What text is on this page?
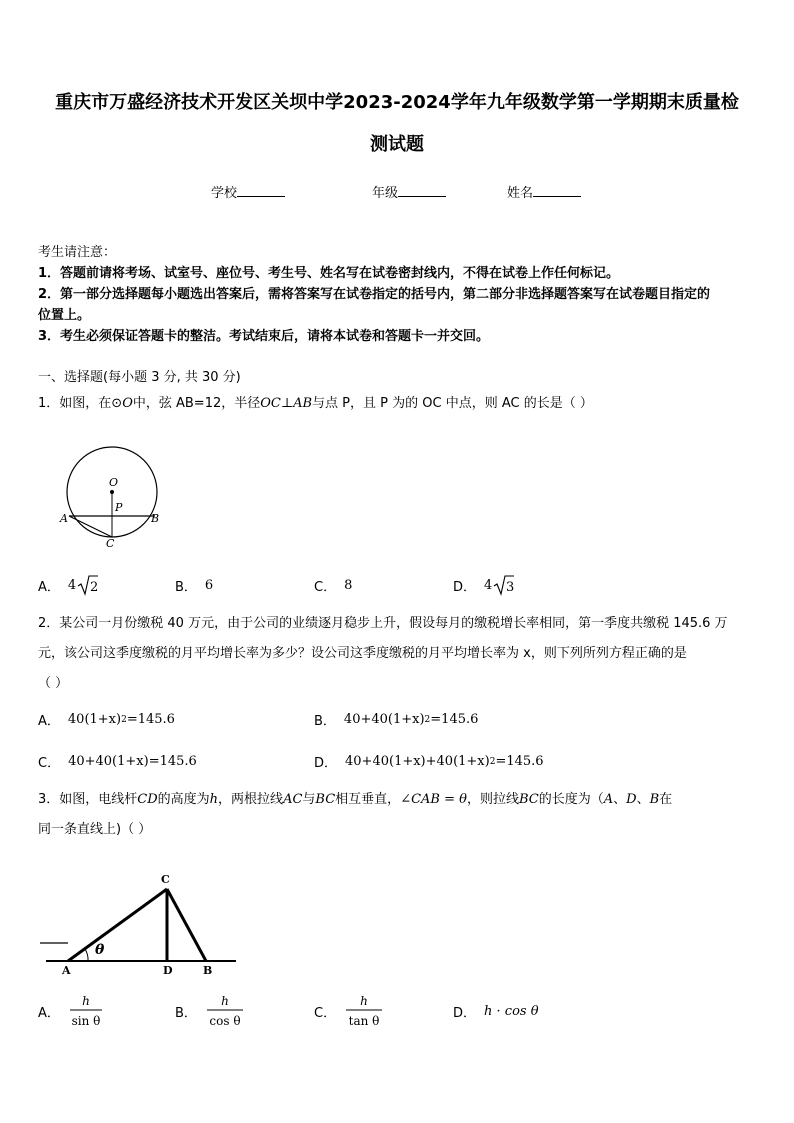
重庆市万盛经济技术开发区关坝中学2023-2024学年九年级数学第一学期期末质量检
测试题
学校	年级	姓名
考生请注意：
1．答题前请将考场、试室号、座位号、考生号、姓名写在试卷密封线内，不得在试卷上作任何标记。
2．第一部分选择题每小题选出答案后，需将答案写在试卷指定的括号内，第二部分非选择题答案写在试卷题目指定的
位置上。
3．考生必须保证答题卡的整洁。考试结束后，请将本试卷和答题卡一并交回。
一、选择题(每小题 3 分, 共 30 分)
1．如图，在⊙O中，弦 AB=12，半径OC⊥AB与点 P，且 P 为的 OC 中点，则 AC 的长是（ ）
O
P
A	B
C
A． 4 2	B． 6	C． 8	D． 4 3
2．某公司一月份缴税 40 万元，由于公司的业绩逐月稳步上升，假设每月的缴税增长率相同，第一季度共缴税 145.6 万
元，该公司这季度缴税的月平均增长率为多少？设公司这季度缴税的月平均增长率为 x，则下列所列方程正确的是
（ ）
A． 40(1+x) 2 =145.6	B． 40+40(1+x) 2 =145.6
C． 40+40(1+x)=145.6	D． 40+40(1+x)+40(1+x) 2 =145.6
3．如图，电线杆CD的高度为h，两根拉线AC与BC相互垂直，∠CAB = θ，则拉线BC的长度为（A、D、B在
同一条直线上)（ ）
θ
C
A	D	B
A．
h
sin θ
B．
h
cos θ
C．
h
tan θ	D． h · cos θ
